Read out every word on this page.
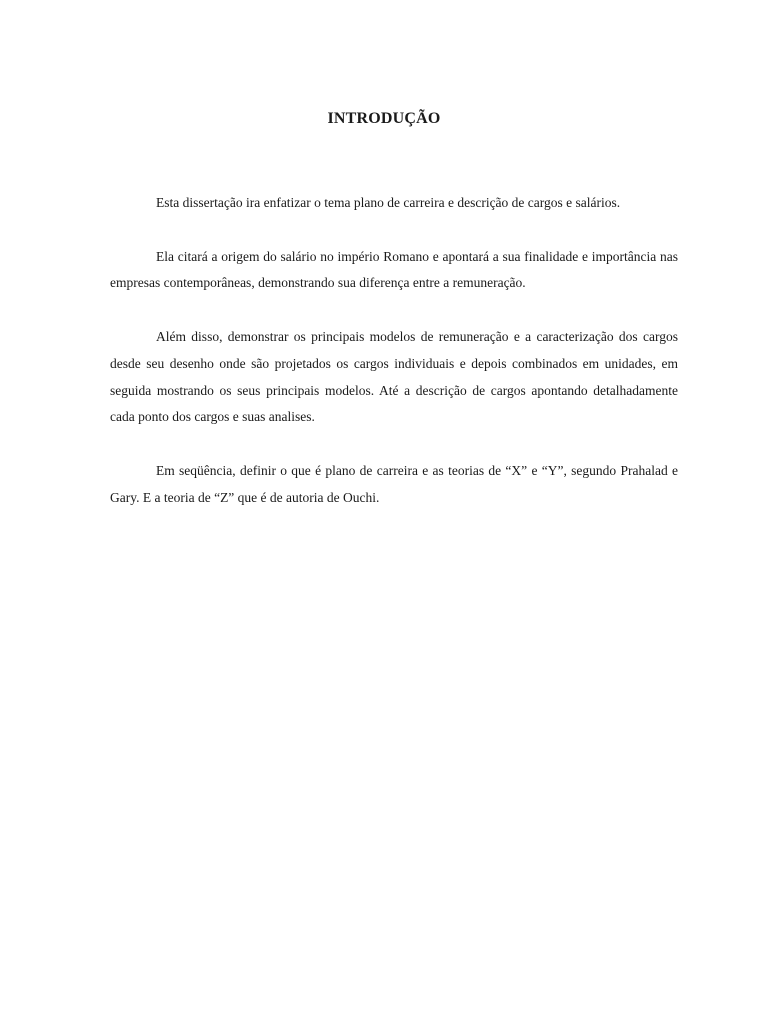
INTRODUÇÃO

Esta dissertação ira enfatizar o tema plano de carreira e descrição de cargos e salários.

Ela citará a origem do salário no império Romano e apontará a sua finalidade e importância nas empresas contemporâneas, demonstrando sua diferença entre a remuneração.

Além disso, demonstrar os principais modelos de remuneração e a caracterização dos cargos desde seu desenho onde são projetados os cargos individuais e depois combinados em unidades, em seguida mostrando os seus principais modelos. Até a descrição de cargos apontando detalhadamente cada ponto dos cargos e suas analises.

Em seqüência, definir o que é plano de carreira e as teorias de “X” e “Y”, segundo Prahalad e Gary. E a teoria de “Z” que é de autoria de Ouchi.
